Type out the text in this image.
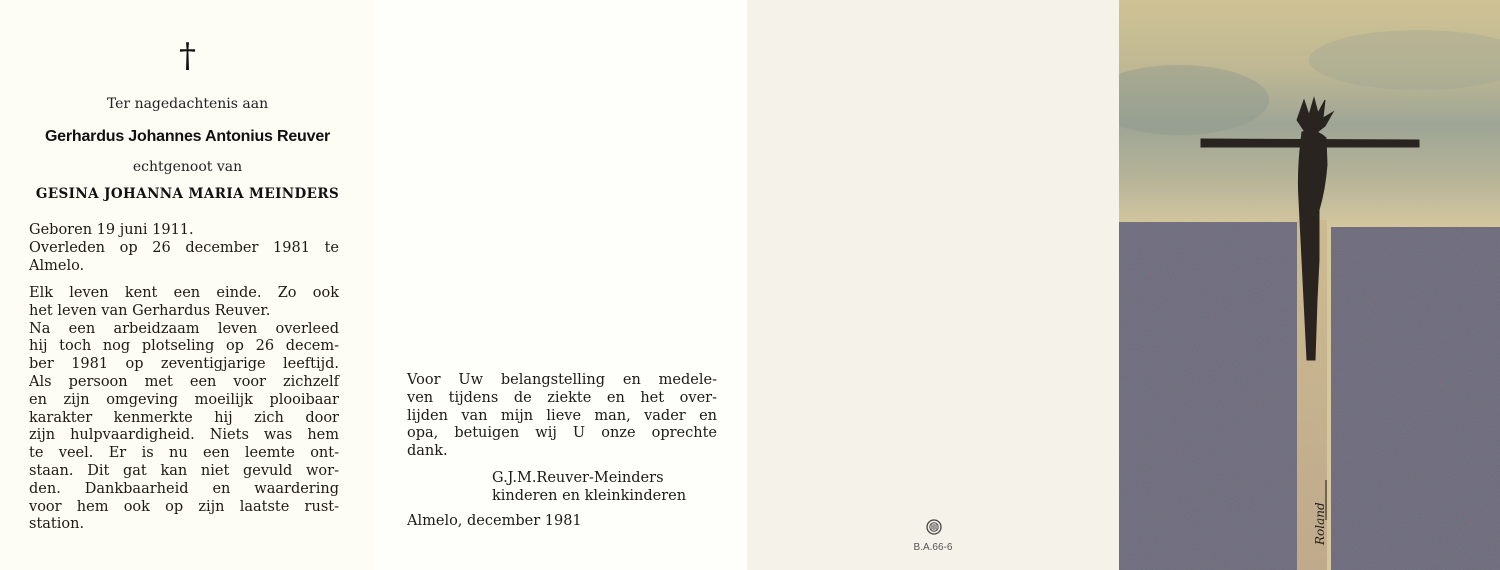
†
Ter nagedachtenis aan
Gerhardus Johannes Antonius Reuver
echtgenoot van
GESINA JOHANNA MARIA MEINDERS
Geboren 19 juni 1911.
Overleden op 26 december 1981 te
Almelo.
Elk leven kent een einde. Zo ook
het leven van Gerhardus Reuver.
Na een arbeidzaam leven overleed
hij toch nog plotseling op 26 decem-
ber 1981 op zeventigjarige leeftijd.
Als persoon met een voor zichzelf
en zijn omgeving moeilijk plooibaar
karakter kenmerkte hij zich door
zijn hulpvaardigheid. Niets was hem
te veel. Er is nu een leemte ont-
staan. Dit gat kan niet gevuld wor-
den. Dankbaarheid en waardering
voor hem ook op zijn laatste rust-
station.
Voor Uw belangstelling en medele-
ven tijdens de ziekte en het over-
lijden van mijn lieve man, vader en
opa, betuigen wij U onze oprechte
dank.
G.J.M.Reuver-Meinders
kinderen en kleinkinderen
Almelo, december 1981
B.A.66-6
Roland
